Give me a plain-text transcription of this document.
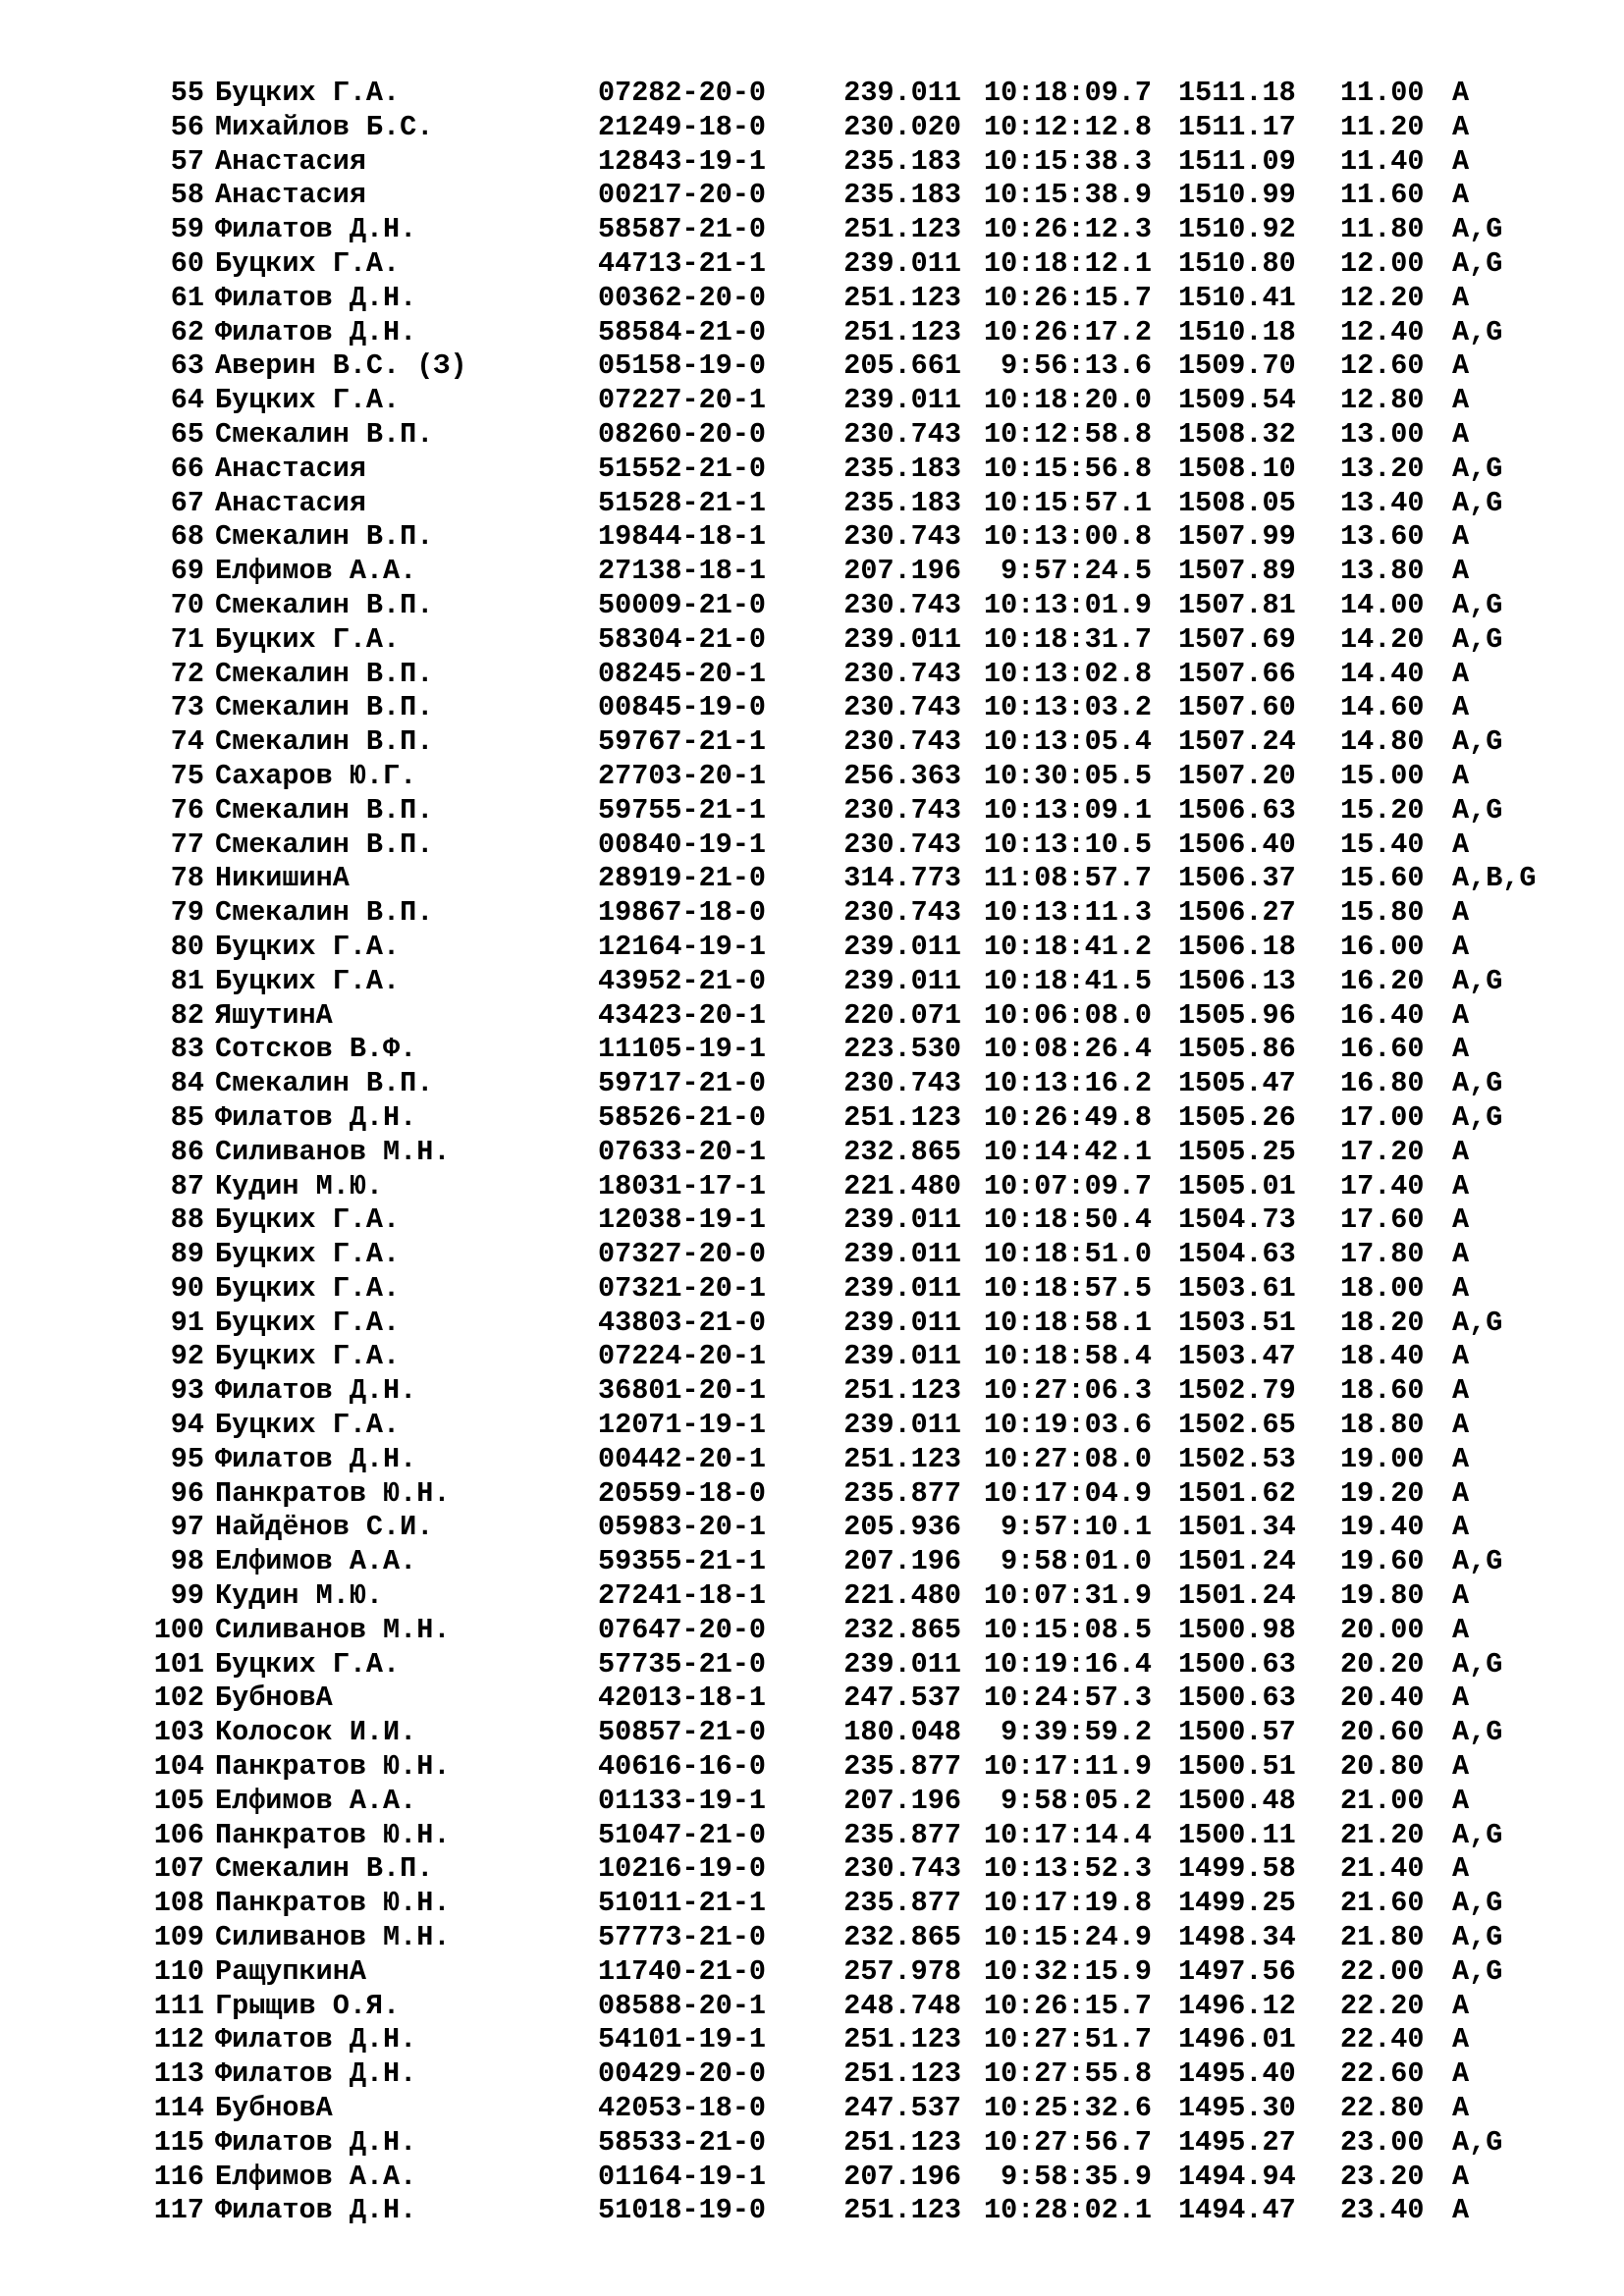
55 Буцких Г.А.	07282-20-0	239.011 10:18:09.7 1511.18 11.00 A
56 Михайлов Б.С.	21249-18-0	230.020 10:12:12.8 1511.17 11.20 A
57 Анастасия	12843-19-1	235.183 10:15:38.3 1511.09 11.40 A
58 Анастасия	00217-20-0	235.183 10:15:38.9 1510.99 11.60 A
59 Филатов Д.Н.	58587-21-0	251.123 10:26:12.3 1510.92 11.80 A,G
60 Буцких Г.А.	44713-21-1	239.011 10:18:12.1 1510.80 12.00 A,G
61 Филатов Д.Н.	00362-20-0	251.123 10:26:15.7 1510.41 12.20 A
62 Филатов Д.Н.	58584-21-0	251.123 10:26:17.2 1510.18 12.40 A,G
63 Аверин В.С. (З)	05158-19-0	205.661	9:56:13.6 1509.70 12.60 A
64 Буцких Г.А.	07227-20-1	239.011 10:18:20.0 1509.54 12.80 A
65 Смекалин В.П.	08260-20-0	230.743 10:12:58.8 1508.32 13.00 A
66 Анастасия	51552-21-0	235.183 10:15:56.8 1508.10 13.20 A,G
67 Анастасия	51528-21-1	235.183 10:15:57.1 1508.05 13.40 A,G
68 Смекалин В.П.	19844-18-1	230.743 10:13:00.8 1507.99 13.60 A
69 Елфимов А.А.	27138-18-1	207.196	9:57:24.5 1507.89 13.80 A
70 Смекалин В.П.	50009-21-0	230.743 10:13:01.9 1507.81 14.00 A,G
71 Буцких Г.А.	58304-21-0	239.011 10:18:31.7 1507.69 14.20 A,G
72 Смекалин В.П.	08245-20-1	230.743 10:13:02.8 1507.66 14.40 A
73 Смекалин В.П.	00845-19-0	230.743 10:13:03.2 1507.60 14.60 A
74 Смекалин В.П.	59767-21-1	230.743 10:13:05.4 1507.24 14.80 A,G
75 Сахаров Ю.Г.	27703-20-1	256.363 10:30:05.5 1507.20 15.00 A
76 Смекалин В.П.	59755-21-1	230.743 10:13:09.1 1506.63 15.20 A,G
77 Смекалин В.П.	00840-19-1	230.743 10:13:10.5 1506.40 15.40 A
78 НикишинА	28919-21-0	314.773 11:08:57.7 1506.37 15.60 A,B,G
79 Смекалин В.П.	19867-18-0	230.743 10:13:11.3 1506.27 15.80 A
80 Буцких Г.А.	12164-19-1	239.011 10:18:41.2 1506.18 16.00 A
81 Буцких Г.А.	43952-21-0	239.011 10:18:41.5 1506.13 16.20 A,G
82 ЯшутинА	43423-20-1	220.071 10:06:08.0 1505.96 16.40 A
83 Сотсков В.Ф.	11105-19-1	223.530 10:08:26.4 1505.86 16.60 A
84 Смекалин В.П.	59717-21-0	230.743 10:13:16.2 1505.47 16.80 A,G
85 Филатов Д.Н.	58526-21-0	251.123 10:26:49.8 1505.26 17.00 A,G
86 Силиванов М.Н.	07633-20-1	232.865 10:14:42.1 1505.25 17.20 A
87 Кудин М.Ю.	18031-17-1	221.480 10:07:09.7 1505.01 17.40 A
88 Буцких Г.А.	12038-19-1	239.011 10:18:50.4 1504.73 17.60 A
89 Буцких Г.А.	07327-20-0	239.011 10:18:51.0 1504.63 17.80 A
90 Буцких Г.А.	07321-20-1	239.011 10:18:57.5 1503.61 18.00 A
91 Буцких Г.А.	43803-21-0	239.011 10:18:58.1 1503.51 18.20 A,G
92 Буцких Г.А.	07224-20-1	239.011 10:18:58.4 1503.47 18.40 A
93 Филатов Д.Н.	36801-20-1	251.123 10:27:06.3 1502.79 18.60 A
94 Буцких Г.А.	12071-19-1	239.011 10:19:03.6 1502.65 18.80 A
95 Филатов Д.Н.	00442-20-1	251.123 10:27:08.0 1502.53 19.00 A
96 Панкратов Ю.Н.	20559-18-0	235.877 10:17:04.9 1501.62 19.20 A
97 Найдёнов С.И.	05983-20-1	205.936	9:57:10.1 1501.34 19.40 A
98 Елфимов А.А.	59355-21-1	207.196	9:58:01.0 1501.24 19.60 A,G
99 Кудин М.Ю.	27241-18-1	221.480 10:07:31.9 1501.24 19.80 A
100 Силиванов М.Н.	07647-20-0	232.865 10:15:08.5 1500.98 20.00 A
101 Буцких Г.А.	57735-21-0	239.011 10:19:16.4 1500.63 20.20 A,G
102 БубновА	42013-18-1	247.537 10:24:57.3 1500.63 20.40 A
103 Колосок И.И.	50857-21-0	180.048	9:39:59.2 1500.57 20.60 A,G
104 Панкратов Ю.Н.	40616-16-0	235.877 10:17:11.9 1500.51 20.80 A
105 Елфимов А.А.	01133-19-1	207.196	9:58:05.2 1500.48 21.00 A
106 Панкратов Ю.Н.	51047-21-0	235.877 10:17:14.4 1500.11 21.20 A,G
107 Смекалин В.П.	10216-19-0	230.743 10:13:52.3 1499.58 21.40 A
108 Панкратов Ю.Н.	51011-21-1	235.877 10:17:19.8 1499.25 21.60 A,G
109 Силиванов М.Н.	57773-21-0	232.865 10:15:24.9 1498.34 21.80 A,G
110 РащупкинА	11740-21-0	257.978 10:32:15.9 1497.56 22.00 A,G
111 Грыщив О.Я.	08588-20-1	248.748 10:26:15.7 1496.12 22.20 A
112 Филатов Д.Н.	54101-19-1	251.123 10:27:51.7 1496.01 22.40 A
113 Филатов Д.Н.	00429-20-0	251.123 10:27:55.8 1495.40 22.60 A
114 БубновА	42053-18-0	247.537 10:25:32.6 1495.30 22.80 A
115 Филатов Д.Н.	58533-21-0	251.123 10:27:56.7 1495.27 23.00 A,G
116 Елфимов А.А.	01164-19-1	207.196	9:58:35.9 1494.94 23.20 A
117 Филатов Д.Н.	51018-19-0	251.123 10:28:02.1 1494.47 23.40 A
